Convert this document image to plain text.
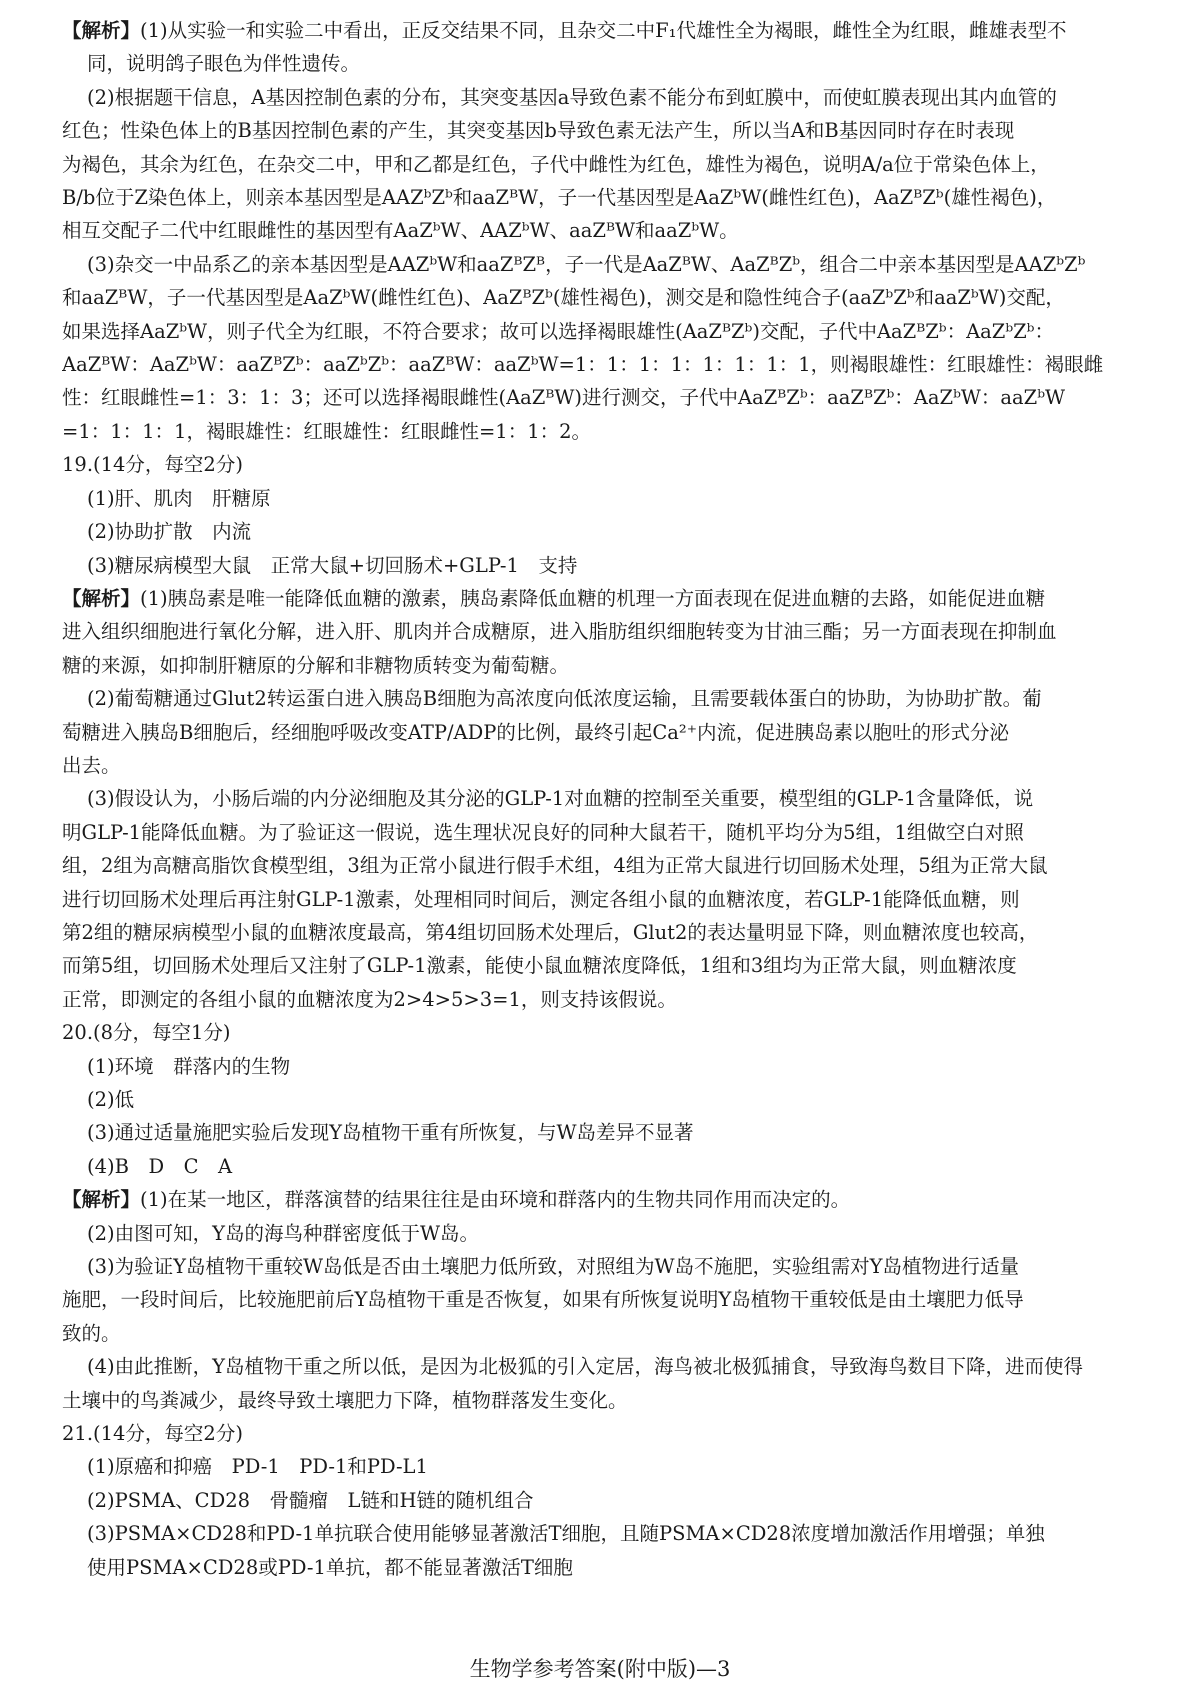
【解析】(1)从实验一和实验二中看出，正反交结果不同，且杂交二中F₁代雄性全为褐眼，雌性全为红眼，雌雄表型不
同，说明鸽子眼色为伴性遗传。
(2)根据题干信息，A基因控制色素的分布，其突变基因a导致色素不能分布到虹膜中，而使虹膜表现出其内血管的
红色；性染色体上的B基因控制色素的产生，其突变基因b导致色素无法产生，所以当A和B基因同时存在时表现
为褐色，其余为红色，在杂交二中，甲和乙都是红色，子代中雌性为红色，雄性为褐色，说明A/a位于常染色体上，
B/b位于Z染色体上，则亲本基因型是AAZᵇZᵇ和aaZᴮW，子一代基因型是AaZᵇW(雌性红色)，AaZᴮZᵇ(雄性褐色)，
相互交配子二代中红眼雌性的基因型有AaZᵇW、AAZᵇW、aaZᴮW和aaZᵇW。
(3)杂交一中品系乙的亲本基因型是AAZᵇW和aaZᴮZᴮ，子一代是AaZᴮW、AaZᴮZᵇ，组合二中亲本基因型是AAZᵇZᵇ
和aaZᴮW，子一代基因型是AaZᵇW(雌性红色)、AaZᴮZᵇ(雄性褐色)，测交是和隐性纯合子(aaZᵇZᵇ和aaZᵇW)交配，
如果选择AaZᵇW，则子代全为红眼，不符合要求；故可以选择褐眼雄性(AaZᴮZᵇ)交配，子代中AaZᴮZᵇ：AaZᵇZᵇ：
AaZᴮW：AaZᵇW：aaZᴮZᵇ：aaZᵇZᵇ：aaZᴮW：aaZᵇW=1：1：1：1：1：1：1：1，则褐眼雄性：红眼雄性：褐眼雌
性：红眼雌性=1：3：1：3；还可以选择褐眼雌性(AaZᴮW)进行测交，子代中AaZᴮZᵇ：aaZᴮZᵇ：AaZᵇW：aaZᵇW
=1：1：1：1，褐眼雄性：红眼雄性：红眼雌性=1：1：2。
19.(14分，每空2分)
(1)肝、肌肉　肝糖原
(2)协助扩散　内流
(3)糖尿病模型大鼠　正常大鼠+切回肠术+GLP-1　支持
【解析】(1)胰岛素是唯一能降低血糖的激素，胰岛素降低血糖的机理一方面表现在促进血糖的去路，如能促进血糖
进入组织细胞进行氧化分解，进入肝、肌肉并合成糖原，进入脂肪组织细胞转变为甘油三酯；另一方面表现在抑制血
糖的来源，如抑制肝糖原的分解和非糖物质转变为葡萄糖。
(2)葡萄糖通过Glut2转运蛋白进入胰岛B细胞为高浓度向低浓度运输，且需要载体蛋白的协助，为协助扩散。葡
萄糖进入胰岛B细胞后，经细胞呼吸改变ATP/ADP的比例，最终引起Ca²⁺内流，促进胰岛素以胞吐的形式分泌
出去。
(3)假设认为，小肠后端的内分泌细胞及其分泌的GLP-1对血糖的控制至关重要，模型组的GLP-1含量降低，说
明GLP-1能降低血糖。为了验证这一假说，选生理状况良好的同种大鼠若干，随机平均分为5组，1组做空白对照
组，2组为高糖高脂饮食模型组，3组为正常小鼠进行假手术组，4组为正常大鼠进行切回肠术处理，5组为正常大鼠
进行切回肠术处理后再注射GLP-1激素，处理相同时间后，测定各组小鼠的血糖浓度，若GLP-1能降低血糖，则
第2组的糖尿病模型小鼠的血糖浓度最高，第4组切回肠术处理后，Glut2的表达量明显下降，则血糖浓度也较高，
而第5组，切回肠术处理后又注射了GLP-1激素，能使小鼠血糖浓度降低，1组和3组均为正常大鼠，则血糖浓度
正常，即测定的各组小鼠的血糖浓度为2>4>5>3=1，则支持该假说。
20.(8分，每空1分)
(1)环境　群落内的生物
(2)低
(3)通过适量施肥实验后发现Y岛植物干重有所恢复，与W岛差异不显著
(4)B　D　C　A
【解析】(1)在某一地区，群落演替的结果往往是由环境和群落内的生物共同作用而决定的。
(2)由图可知，Y岛的海鸟种群密度低于W岛。
(3)为验证Y岛植物干重较W岛低是否由土壤肥力低所致，对照组为W岛不施肥，实验组需对Y岛植物进行适量
施肥，一段时间后，比较施肥前后Y岛植物干重是否恢复，如果有所恢复说明Y岛植物干重较低是由土壤肥力低导
致的。
(4)由此推断，Y岛植物干重之所以低，是因为北极狐的引入定居，海鸟被北极狐捕食，导致海鸟数目下降，进而使得
土壤中的鸟粪减少，最终导致土壤肥力下降，植物群落发生变化。
21.(14分，每空2分)
(1)原癌和抑癌　PD-1　PD-1和PD-L1
(2)PSMA、CD28　骨髓瘤　L链和H链的随机组合
(3)PSMA×CD28和PD-1单抗联合使用能够显著激活T细胞，且随PSMA×CD28浓度增加激活作用增强；单独
使用PSMA×CD28或PD-1单抗，都不能显著激活T细胞
生物学参考答案(附中版)—3
